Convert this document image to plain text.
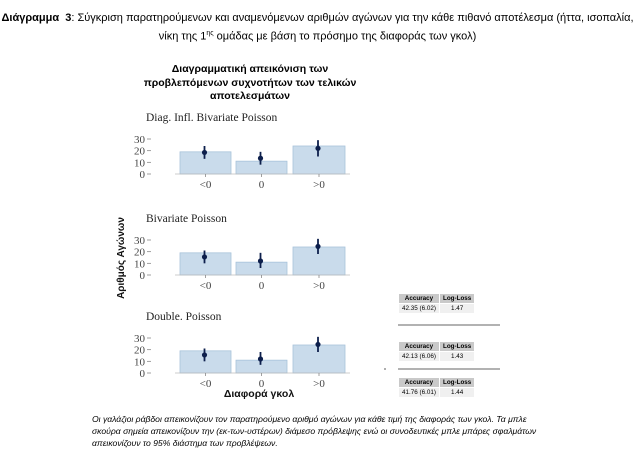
Διάγραμμα 3: Σύγκριση παρατηρούμενων και αναμενόμενων αριθμών αγώνων για την κάθε πιθανό αποτέλεσμα (ήττα, ισοπαλία, νίκη της $1^{\eta\varsigma}$ ομάδας με βάση το πρόσημο της διαφοράς των γκολ)
Διαγραμματική απεικόνιση των
προβλεπόμενων συχνοτήτων των τελικών
αποτελεσμάτων
Diag. Infl. Bivariate Poisson
0
10
20
30
<0	0	>0
Bivariate Poisson
0
10
20
30
<0	0	>0
Double. Poisson
0
10
20
30
<0	0	>0
Αριθμός Αγώνων
Διαφορά γκολ
Accuracy	Log-Loss
42.35 (6.02)	1.47
Accuracy	Log-Loss
42.13 (6.06)	1.43
Accuracy	Log-Loss
41.76 (6.01)	1.44
Οι γαλάζιοι ράβδοι απεικονίζουν τον παρατηρούμενο αριθμό αγώνων για κάθε τιμή της διαφοράς των γκολ. Τα μπλε σκούρα σημεία απεικονίζουν την (εκ-των-υστέρων) διάμεσο πρόβλεψης ενώ οι συνοδευτικές μπλε μπάρες σφαλμάτων απεικονίζουν το 95% διάστημα των προβλέψεων.
